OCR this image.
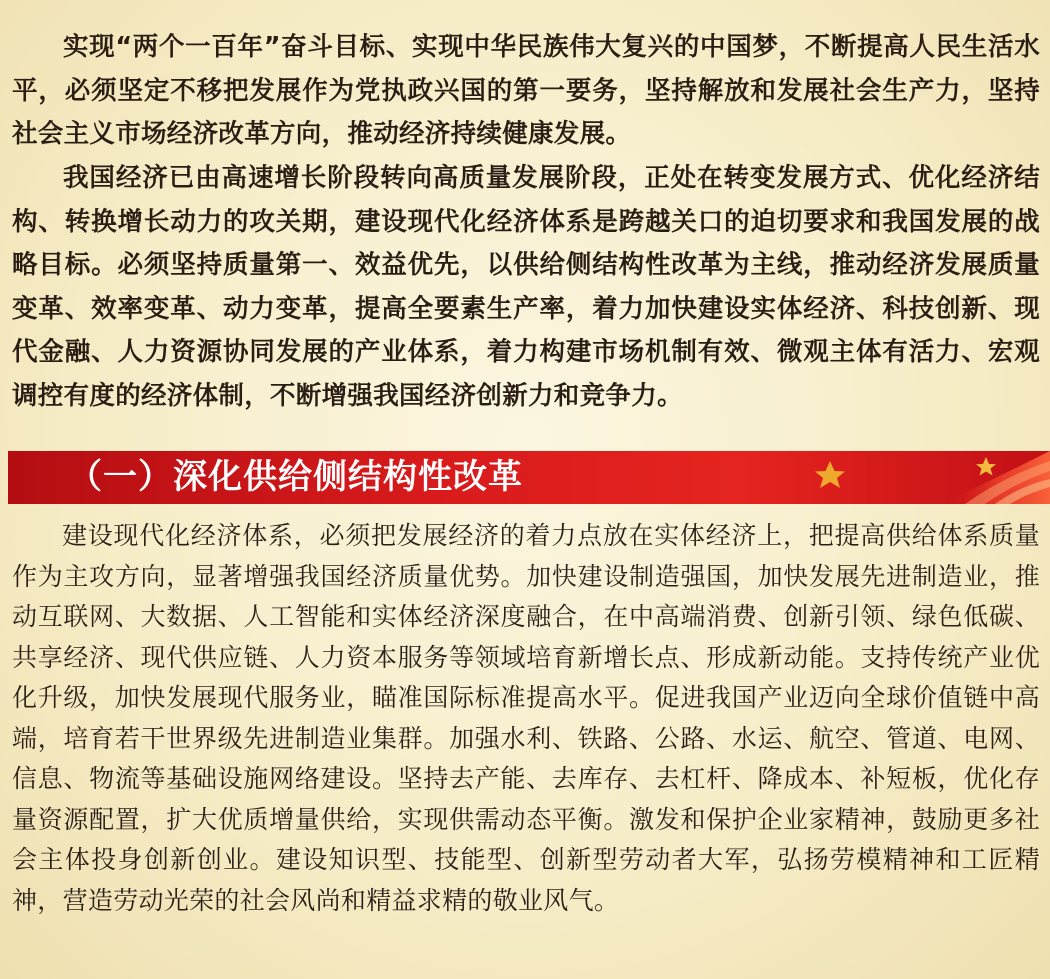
实现“两个一百年”奋斗目标、实现中华民族伟大复兴的中国梦，不断提高人民生活水平，必须坚定不移把发展作为党执政兴国的第一要务，坚持解放和发展社会生产力，坚持社会主义市场经济改革方向，推动经济持续健康发展。

我国经济已由高速增长阶段转向高质量发展阶段，正处在转变发展方式、优化经济结构、转换增长动力的攻关期，建设现代化经济体系是跨越关口的迫切要求和我国发展的战略目标。必须坚持质量第一、效益优先，以供给侧结构性改革为主线，推动经济发展质量变革、效率变革、动力变革，提高全要素生产率，着力加快建设实体经济、科技创新、现代金融、人力资源协同发展的产业体系，着力构建市场机制有效、微观主体有活力、宏观调控有度的经济体制，不断增强我国经济创新力和竞争力。

（一）深化供给侧结构性改革

建设现代化经济体系，必须把发展经济的着力点放在实体经济上，把提高供给体系质量作为主攻方向，显著增强我国经济质量优势。加快建设制造强国，加快发展先进制造业，推动互联网、大数据、人工智能和实体经济深度融合，在中高端消费、创新引领、绿色低碳、共享经济、现代供应链、人力资本服务等领域培育新增长点、形成新动能。支持传统产业优化升级，加快发展现代服务业，瞄准国际标准提高水平。促进我国产业迈向全球价值链中高端，培育若干世界级先进制造业集群。加强水利、铁路、公路、水运、航空、管道、电网、信息、物流等基础设施网络建设。坚持去产能、去库存、去杠杆、降成本、补短板，优化存量资源配置，扩大优质增量供给，实现供需动态平衡。激发和保护企业家精神，鼓励更多社会主体投身创新创业。建设知识型、技能型、创新型劳动者大军，弘扬劳模精神和工匠精神，营造劳动光荣的社会风尚和精益求精的敬业风气。
